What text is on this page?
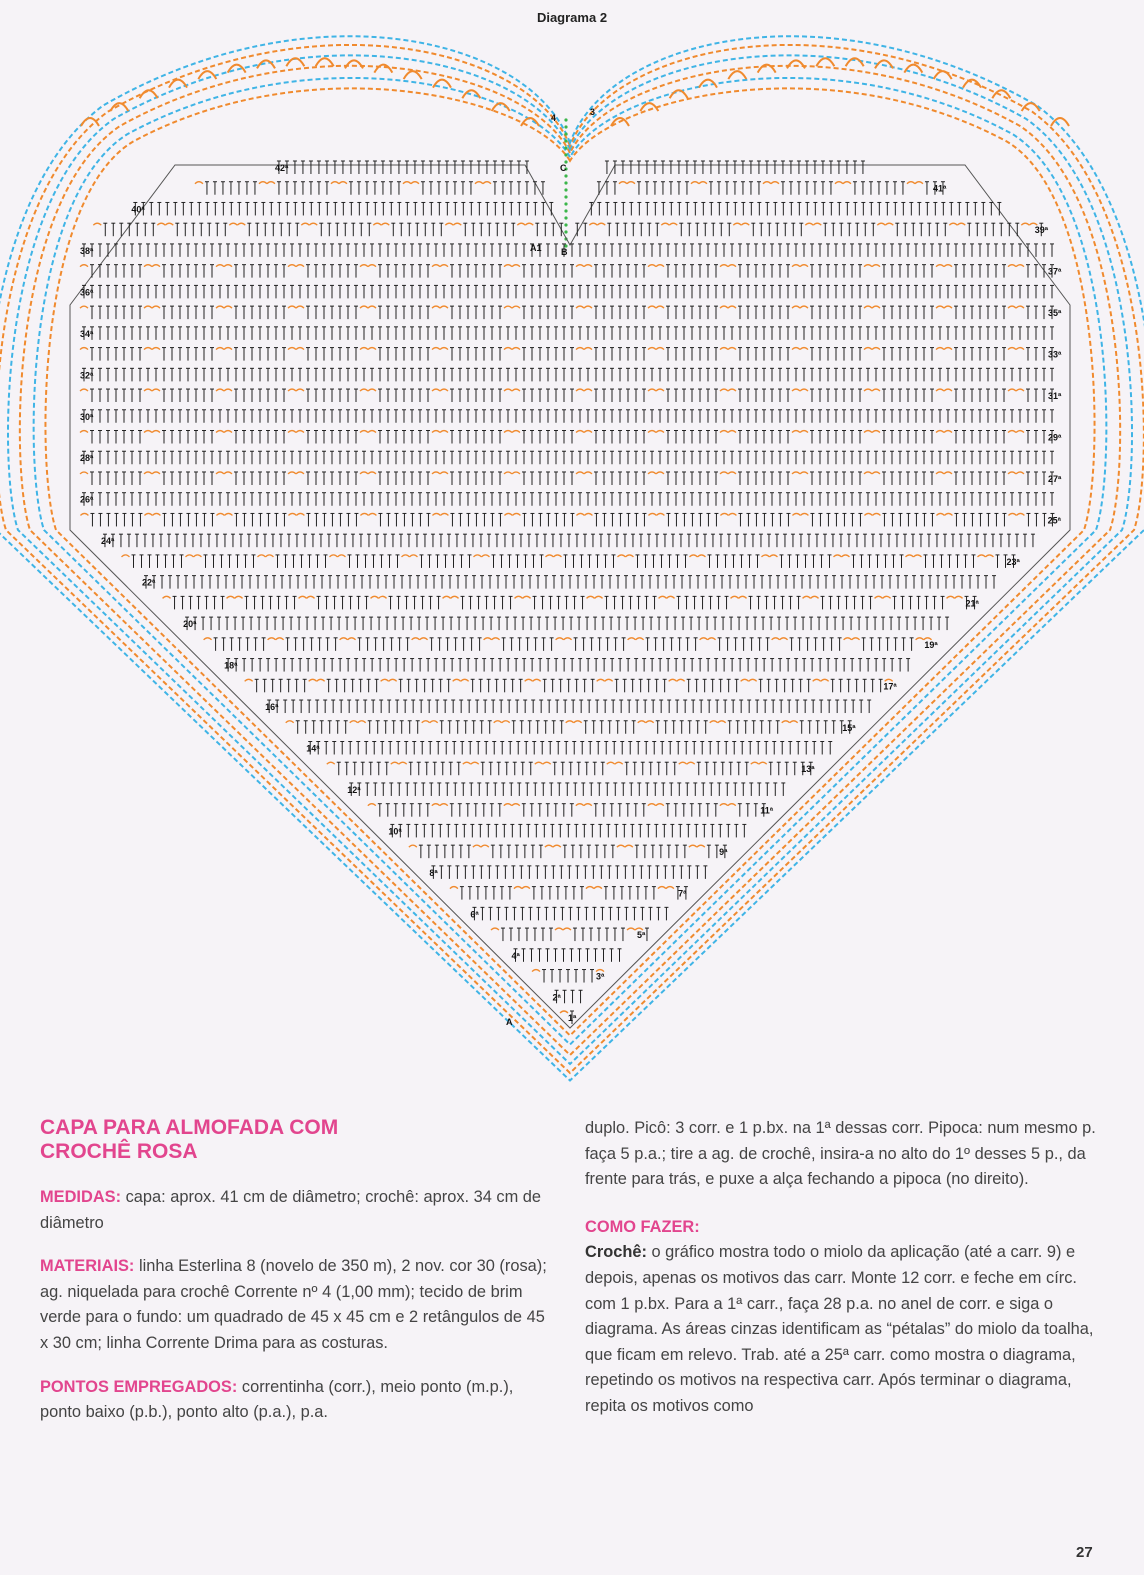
Diagrama 2
1ª
2ª
3ª
4ª
5ª
6ª
7ª
8ª
9ª
10ª
11ª
12ª
13ª
14ª
15ª
16ª
17ª
18ª
19ª
20ª
21ª
22ª
23ª
24ª
25ª
26ª
27ª
28ª
29ª
30ª
31ª
32ª
33ª
34ª
35ª
36ª
37ª
38ª
39ª
40ª
41ª
42ª
A
A1 B
C
3
4
CAPA PARA ALMOFADA COM
CROCHÊ ROSA

MEDIDAS: capa: aprox. 41 cm de diâmetro; crochê: aprox. 34 cm de diâmetro

MATERIAIS: linha Esterlina 8 (novelo de 350 m), 2 nov. cor 30 (rosa); ag. niquelada para crochê Corrente nº 4 (1,00 mm); tecido de brim verde para o fundo: um quadrado de 45 x 45 cm e 2 retângulos de 45 x 30 cm; linha Corrente Drima para as costuras.

PONTOS EMPREGADOS: correntinha (corr.), meio ponto (m.p.), ponto baixo (p.b.), ponto alto (p.a.), p.a.

duplo. Picô: 3 corr. e 1 p.bx. na 1ª dessas corr. Pipoca: num mesmo p. faça 5 p.a.; tire a ag. de crochê, insira-a no alto do 1º desses 5 p., da frente para trás, e puxe a alça fechando a pipoca (no direito).

COMO FAZER:

Crochê: o gráfico mostra todo o miolo da aplicação (até a carr. 9) e depois, apenas os motivos das carr. Monte 12 corr. e feche em círc. com 1 p.bx. Para a 1ª carr., faça 28 p.a. no anel de corr. e siga o diagrama. As áreas cinzas identificam as “pétalas” do miolo da toalha, que ficam em relevo. Trab. até a 25ª carr. como mostra o diagrama, repetindo os motivos na respectiva carr. Após terminar o diagrama, repita os motivos como

27
